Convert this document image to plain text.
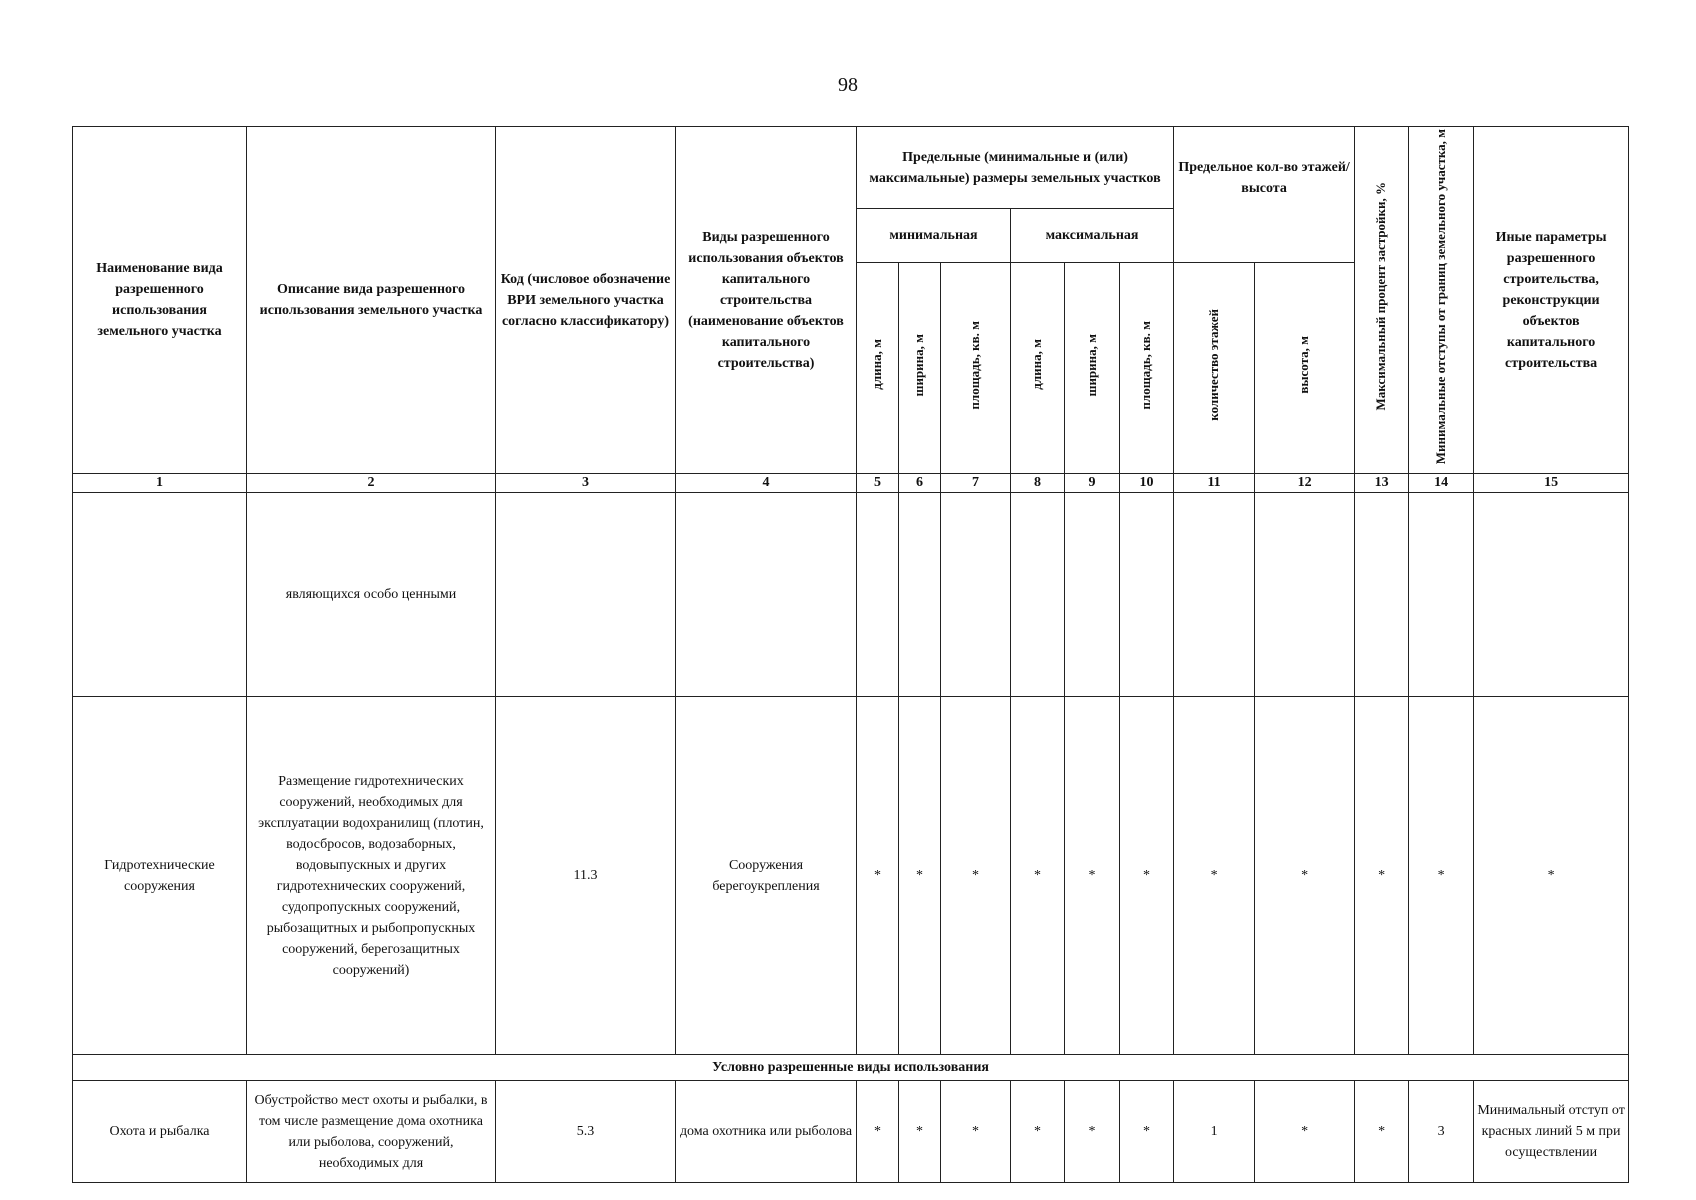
98
Наименование вида разрешенного использования земельного участка	Описание вида разрешенного использования земельного участка	Код (числовое обозначение ВРИ земельного участка согласно классификатору)	Виды разрешенного использования объектов капитального строительства (наименование объектов капитального строительства)	Предельные (минимальные и (или) максимальные) размеры земельных участков						Предельное кол-во этажей/высота		Максимальный процент застройки, %	Минимальные отступы от границ земельного участка, м	Иные параметры разрешенного строительства, реконструкции объектов капитального строительства
				минимальная			максимальная							
				длина, м	ширина, м	площадь, кв. м	длина, м	ширина, м	площадь, кв. м	количество этажей	высота, м			
1	2	3	4	5	6	7	8	9	10	11	12	13	14	15
	являющихся особо ценными													
Гидротехнические сооружения	Размещение гидротехнических сооружений, необходимых для эксплуатации водохранилищ (плотин, водосбросов, водозаборных, водовыпускных и других гидротехнических сооружений, судопропускных сооружений, рыбозащитных и рыбопропускных сооружений, берегозащитных сооружений)	11.3	Сооружения берегоукрепления	*	*	*	*	*	*	*	*	*	*	*
Условно разрешенные виды использования														
Охота и рыбалка	Обустройство мест охоты и рыбалки, в том числе размещение дома охотника или рыболова, сооружений, необходимых для	5.3	дома охотника или рыболова	*	*	*	*	*	*	1	*	*	3	Минимальный отступ от красных линий 5 м при осуществлении
